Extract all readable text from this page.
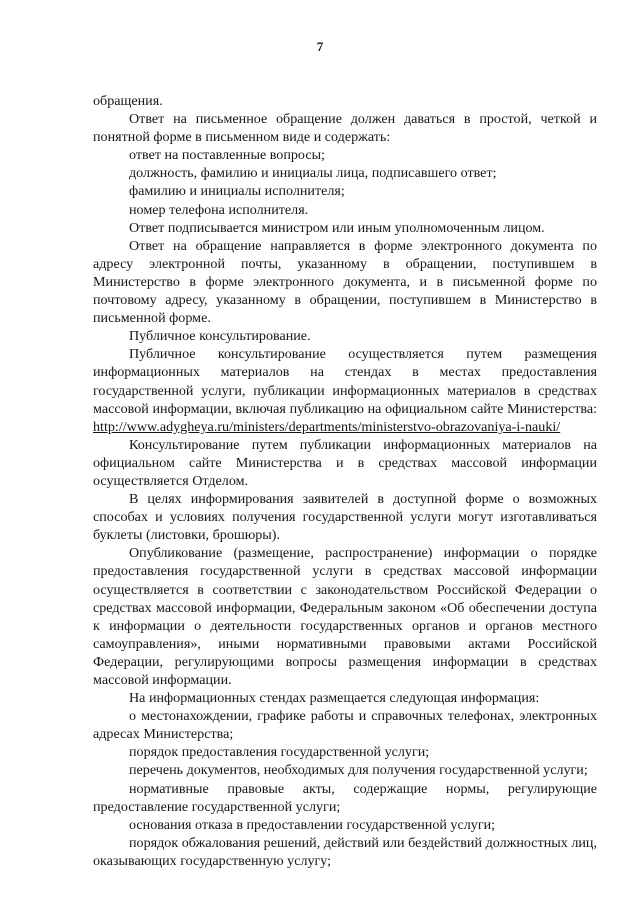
7

обращения.

Ответ на письменное обращение должен даваться в простой, четкой и понятной форме в письменном виде и содержать:

ответ на поставленные вопросы;

должность, фамилию и инициалы лица, подписавшего ответ;

фамилию и инициалы исполнителя;

номер телефона исполнителя.

Ответ подписывается министром или иным уполномоченным лицом.

Ответ на обращение направляется в форме электронного документа по адресу электронной почты, указанному в обращении, поступившем в Министерство в форме электронного документа, и в письменной форме по почтовому адресу, указанному в обращении, поступившем в Министерство в письменной форме.

Публичное консультирование.

Публичное консультирование осуществляется путем размещения информационных материалов на стендах в местах предоставления государственной услуги, публикации информационных материалов в средствах массовой информации, включая публикацию на официальном сайте Министерства: http://www.adygheya.ru/ministers/departments/ministerstvo-obrazovaniya-i-nauki/

Консультирование путем публикации информационных материалов на официальном сайте Министерства и в средствах массовой информации осуществляется Отделом.

В целях информирования заявителей в доступной форме о возможных способах и условиях получения государственной услуги могут изготавливаться буклеты (листовки, брошюры).

Опубликование (размещение, распространение) информации о порядке предоставления государственной услуги в средствах массовой информации осуществляется в соответствии с законодательством Российской Федерации о средствах массовой информации, Федеральным законом «Об обеспечении доступа к информации о деятельности государственных органов и органов местного самоуправления», иными нормативными правовыми актами Российской Федерации, регулирующими вопросы размещения информации в средствах массовой информации.

На информационных стендах размещается следующая информация:

о местонахождении, графике работы и справочных телефонах, электронных адресах Министерства;

порядок предоставления государственной услуги;

перечень документов, необходимых для получения государственной услуги;

нормативные правовые акты, содержащие нормы, регулирующие предоставление государственной услуги;

основания отказа в предоставлении государственной услуги;

порядок обжалования решений, действий или бездействий должностных лиц, оказывающих государственную услугу;
